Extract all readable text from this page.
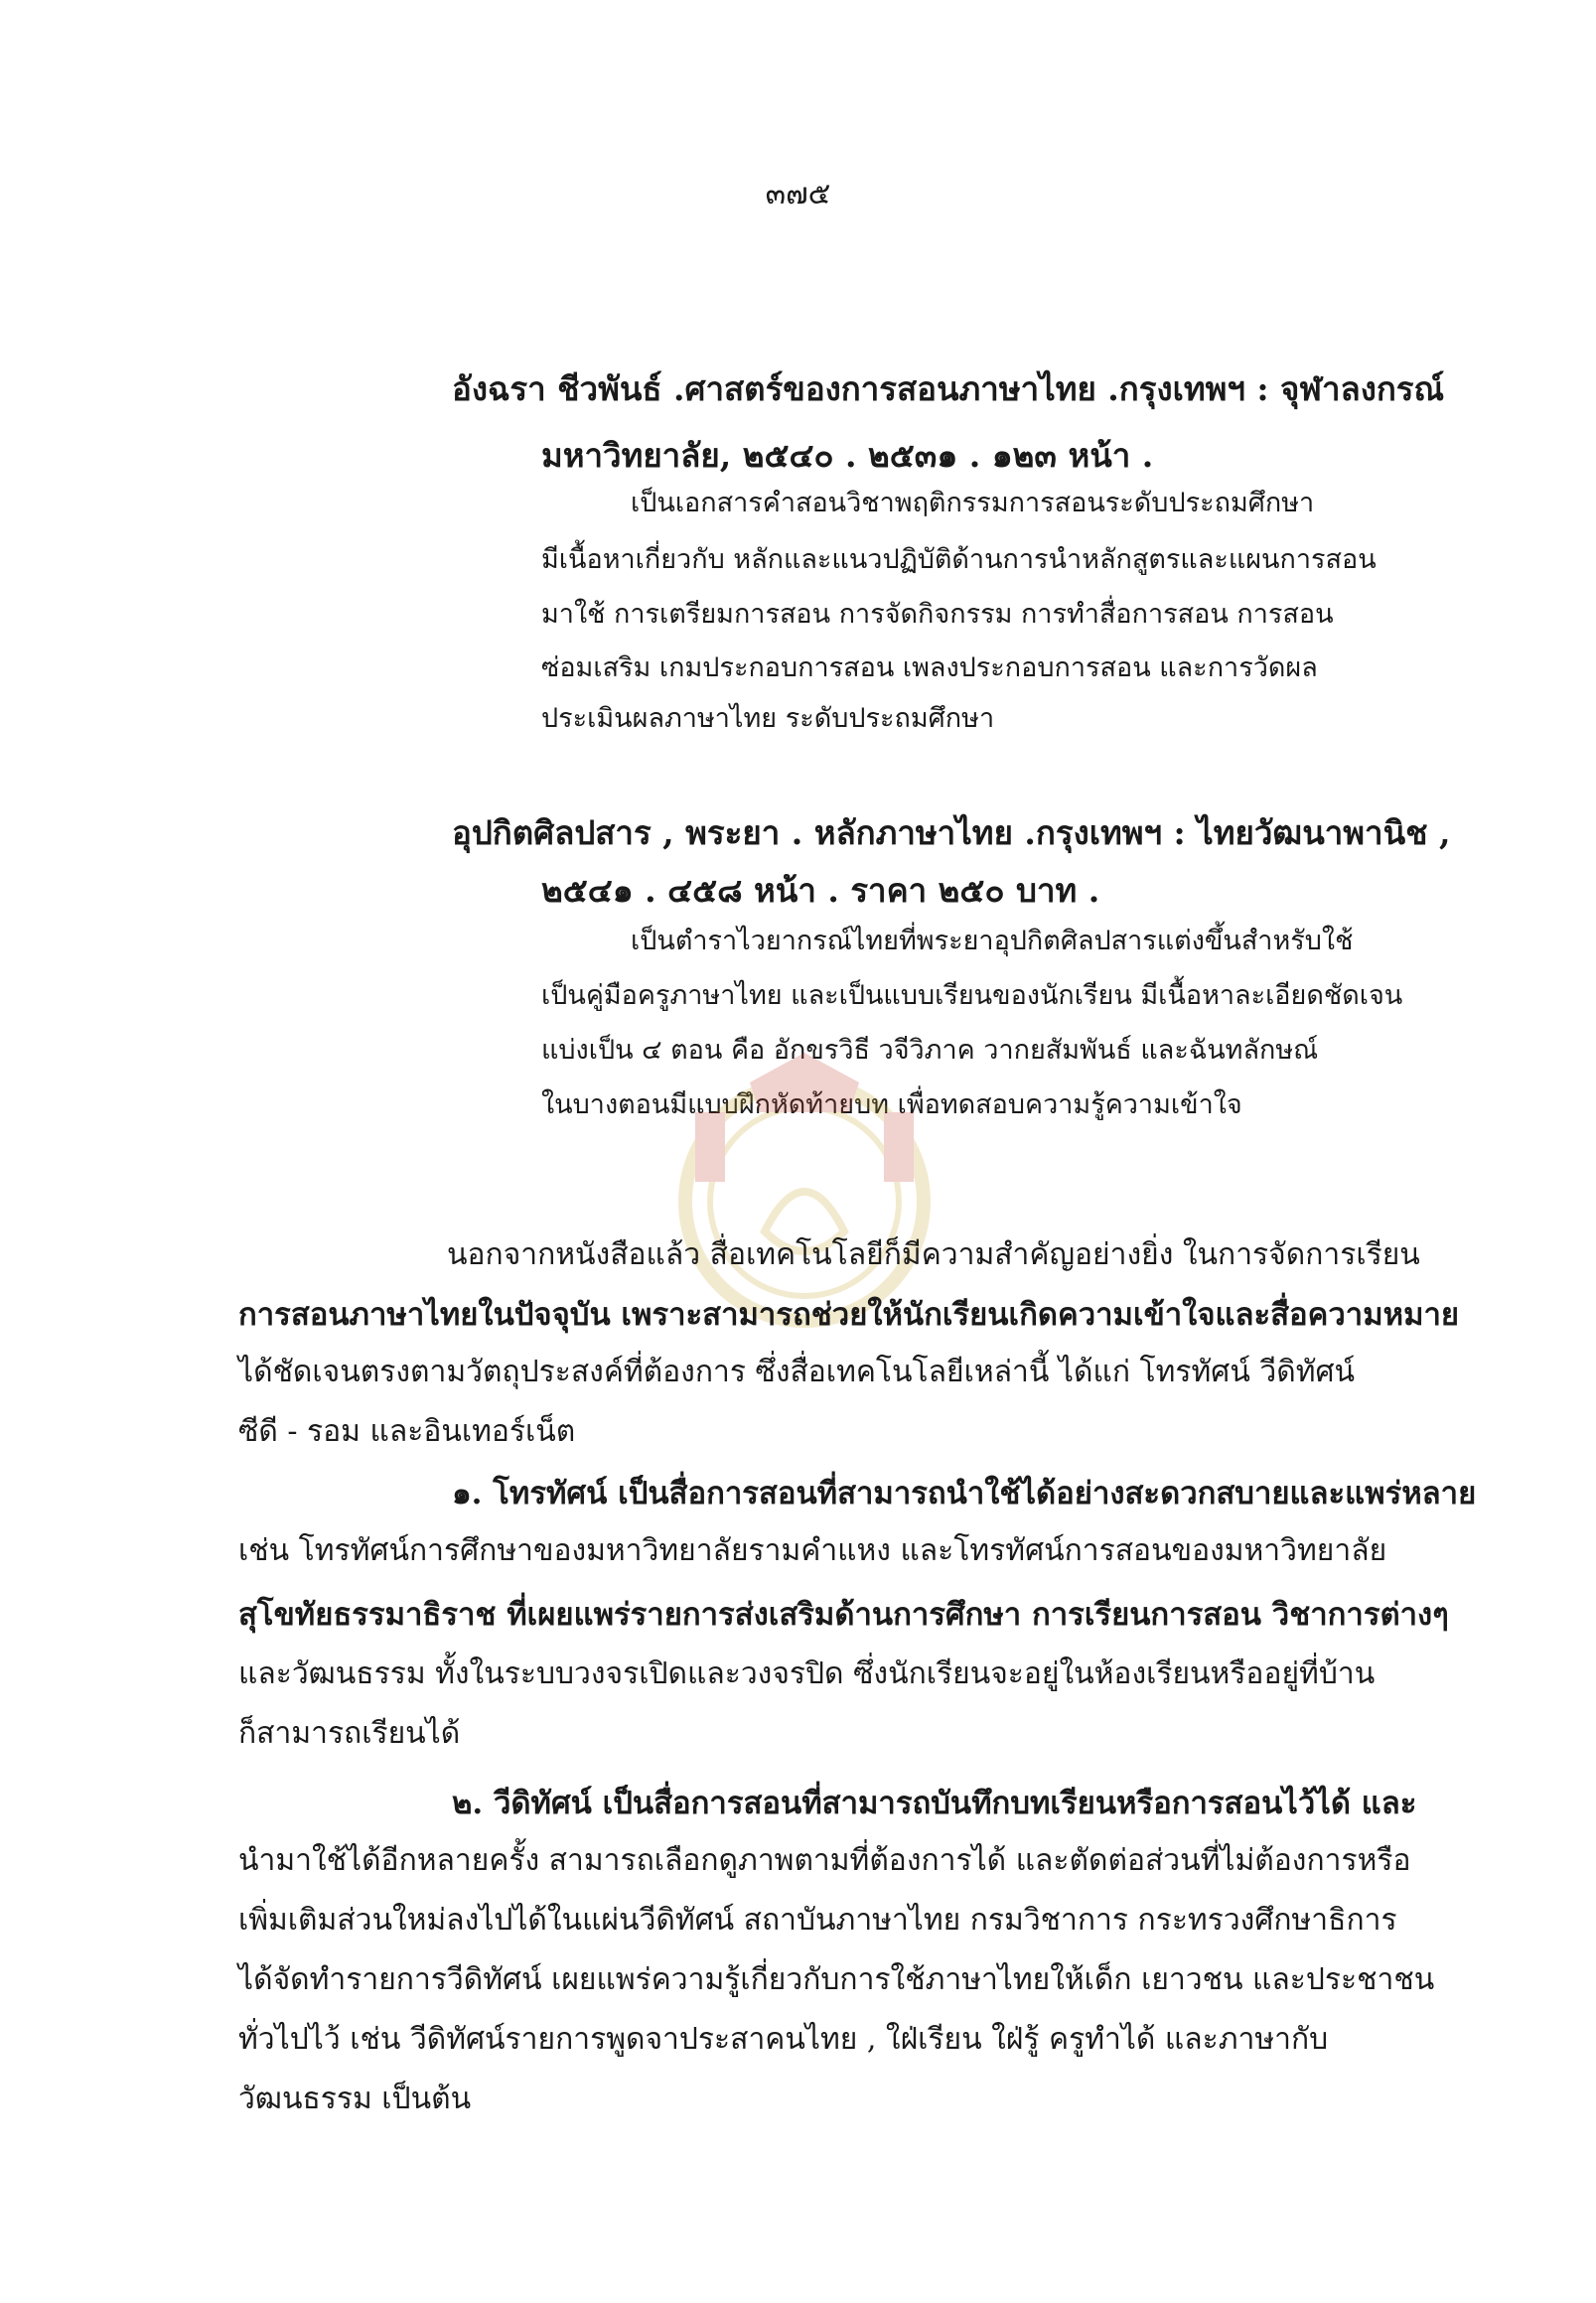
๓๗๕
อังฉรา ชีวพันธ์ .ศาสตร์ของการสอนภาษาไทย .กรุงเทพฯ : จุฬาลงกรณ์
มหาวิทยาลัย, ๒๕๔๐ . ๒๕๓๑ . ๑๒๓ หน้า .
เป็นเอกสารคำสอนวิชาพฤติกรรมการสอนระดับประถมศึกษา
มีเนื้อหาเกี่ยวกับ หลักและแนวปฏิบัติด้านการนำหลักสูตรและแผนการสอน
มาใช้ การเตรียมการสอน การจัดกิจกรรม การทำสื่อการสอน การสอน
ซ่อมเสริม เกมประกอบการสอน เพลงประกอบการสอน และการวัดผล
ประเมินผลภาษาไทย ระดับประถมศึกษา
อุปกิตศิลปสาร , พระยา . หลักภาษาไทย .กรุงเทพฯ : ไทยวัฒนาพานิช ,
๒๕๔๑ . ๔๕๘ หน้า . ราคา ๒๕๐ บาท .
เป็นตำราไวยากรณ์ไทยที่พระยาอุปกิตศิลปสารแต่งขึ้นสำหรับใช้
เป็นคู่มือครูภาษาไทย และเป็นแบบเรียนของนักเรียน มีเนื้อหาละเอียดชัดเจน
แบ่งเป็น ๔ ตอน คือ อักขรวิธี วจีวิภาค วากยสัมพันธ์ และฉันทลักษณ์
ในบางตอนมีแบบฝึกหัดท้ายบท เพื่อทดสอบความรู้ความเข้าใจ
นอกจากหนังสือแล้ว สื่อเทคโนโลยีก็มีความสำคัญอย่างยิ่ง ในการจัดการเรียน
การสอนภาษาไทยในปัจจุบัน เพราะสามารถช่วยให้นักเรียนเกิดความเข้าใจและสื่อความหมาย
ได้ชัดเจนตรงตามวัตถุประสงค์ที่ต้องการ ซึ่งสื่อเทคโนโลยีเหล่านี้ ได้แก่ โทรทัศน์ วีดิทัศน์
ซีดี - รอม และอินเทอร์เน็ต
๑. โทรทัศน์ เป็นสื่อการสอนที่สามารถนำใช้ได้อย่างสะดวกสบายและแพร่หลาย
เช่น โทรทัศน์การศึกษาของมหาวิทยาลัยรามคำแหง และโทรทัศน์การสอนของมหาวิทยาลัย
สุโขทัยธรรมาธิราช ที่เผยแพร่รายการส่งเสริมด้านการศึกษา การเรียนการสอน วิชาการต่างๆ
และวัฒนธรรม ทั้งในระบบวงจรเปิดและวงจรปิด ซึ่งนักเรียนจะอยู่ในห้องเรียนหรืออยู่ที่บ้าน
ก็สามารถเรียนได้
๒. วีดิทัศน์ เป็นสื่อการสอนที่สามารถบันทึกบทเรียนหรือการสอนไว้ได้ และ
นำมาใช้ได้อีกหลายครั้ง สามารถเลือกดูภาพตามที่ต้องการได้ และตัดต่อส่วนที่ไม่ต้องการหรือ
เพิ่มเติมส่วนใหม่ลงไปได้ในแผ่นวีดิทัศน์ สถาบันภาษาไทย กรมวิชาการ กระทรวงศึกษาธิการ
ได้จัดทำรายการวีดิทัศน์ เผยแพร่ความรู้เกี่ยวกับการใช้ภาษาไทยให้เด็ก เยาวชน และประชาชน
ทั่วไปไว้ เช่น วีดิทัศน์รายการพูดจาประสาคนไทย , ใฝ่เรียน ใฝ่รู้ ครูทำได้ และภาษากับ
วัฒนธรรม เป็นต้น
